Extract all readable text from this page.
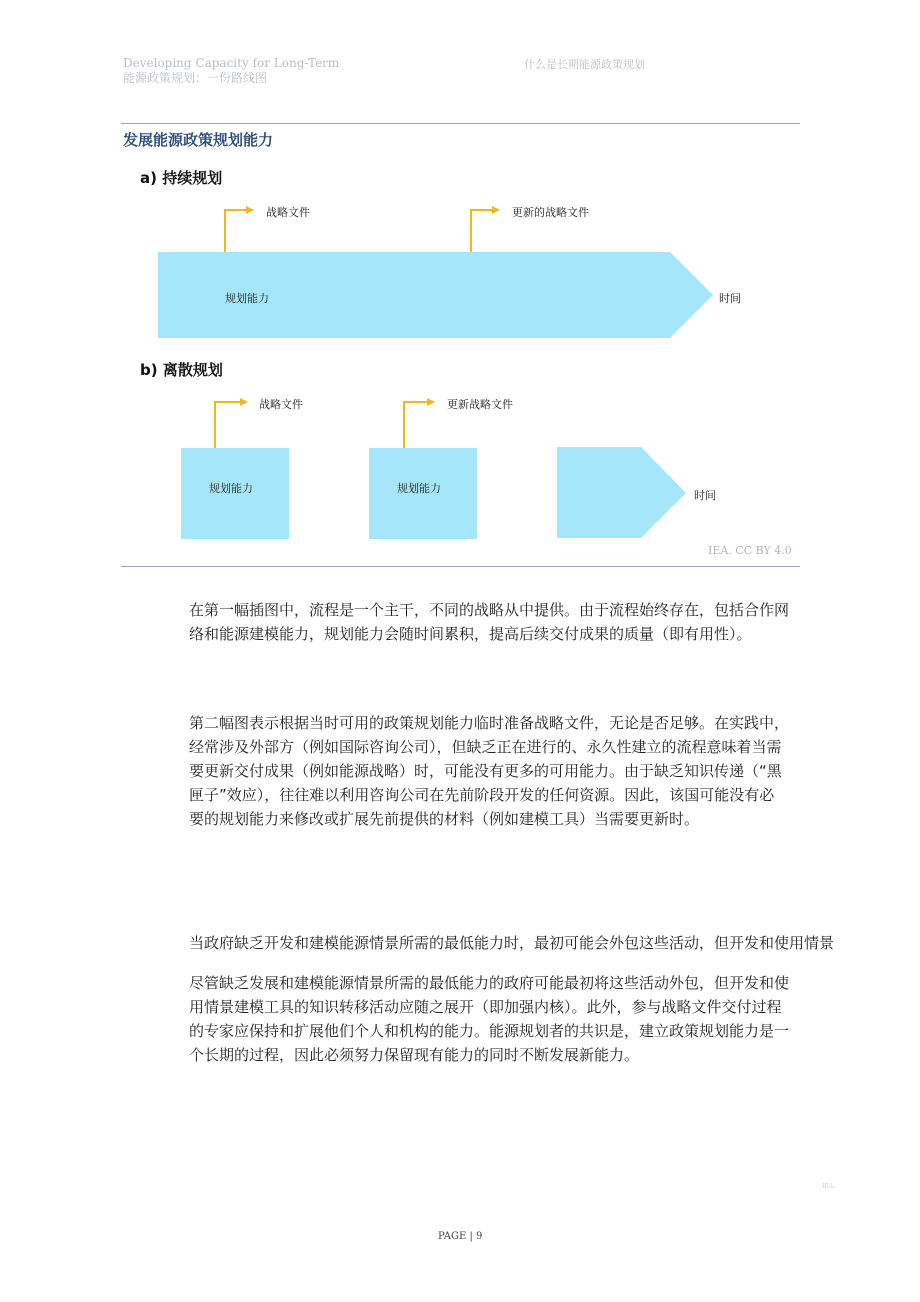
Developing Capacity for Long-Term
能源政策规划：一份路线图
什么是长期能源政策规划
发展能源政策规划能力
a) 持续规划
b) 离散规划
战略文件	更新的战略文件
规划能力	时间
战略文件	更新战略文件
规划能力	规划能力
时间
IEA. CC BY 4.0

在第一幅插图中，流程是一个主干，不同的战略从中提供。由于流程始终存在，包括合作网络和能源建模能力，规划能力会随时间累积，提高后续交付成果的质量（即有用性）。

第二幅图表示根据当时可用的政策规划能力临时准备战略文件，无论是否足够。在实践中，经常涉及外部方（例如国际咨询公司），但缺乏正在进行的、永久性建立的流程意味着当需要更新交付成果（例如能源战略）时，可能没有更多的可用能力。由于缺乏知识传递（“黑匣子”效应），往往难以利用咨询公司在先前阶段开发的任何资源。因此，该国可能没有必要的规划能力来修改或扩展先前提供的材料（例如建模工具）当需要更新时。

当政府缺乏开发和建模能源情景所需的最低能力时，最初可能会外包这些活动，但开发和使用情景

尽管缺乏发展和建模能源情景所需的最低能力的政府可能最初将这些活动外包，但开发和使用情景建模工具的知识转移活动应随之展开（即加强内核）。此外，参与战略文件交付过程的专家应保持和扩展他们个人和机构的能力。能源规划者的共识是，建立政策规划能力是一个长期的过程，因此必须努力保留现有能力的同时不断发展新能力。

PAGE | 9
IEA.
